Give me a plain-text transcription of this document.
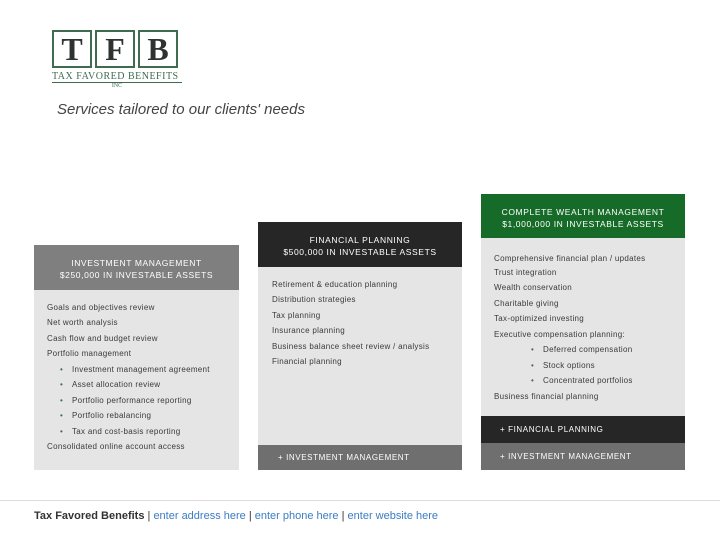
T F B
TAX FAVORED BENEFITS
INC
Services tailored to our clients' needs
INVESTMENT MANAGEMENT
$250,000 IN INVESTABLE ASSETS
Goals and objectives review
Net worth analysis
Cash flow and budget review
Portfolio management
• Investment management agreement
• Asset allocation review
• Portfolio performance reporting
• Portfolio rebalancing
• Tax and cost-basis reporting
Consolidated online account access
FINANCIAL PLANNING
$500,000 IN INVESTABLE ASSETS
Retirement & education planning
Distribution strategies
Tax planning
Insurance planning
Business balance sheet review / analysis
Financial planning
+ INVESTMENT MANAGEMENT
COMPLETE WEALTH MANAGEMENT
$1,000,000 IN INVESTABLE ASSETS
Comprehensive financial plan / updates
Trust integration
Wealth conservation
Charitable giving
Tax-optimized investing
Executive compensation planning:
• Deferred compensation
• Stock options
• Concentrated portfolios
Business financial planning
+ FINANCIAL PLANNING
+ INVESTMENT MANAGEMENT
Tax Favored Benefits | enter address here | enter phone here | enter website here
